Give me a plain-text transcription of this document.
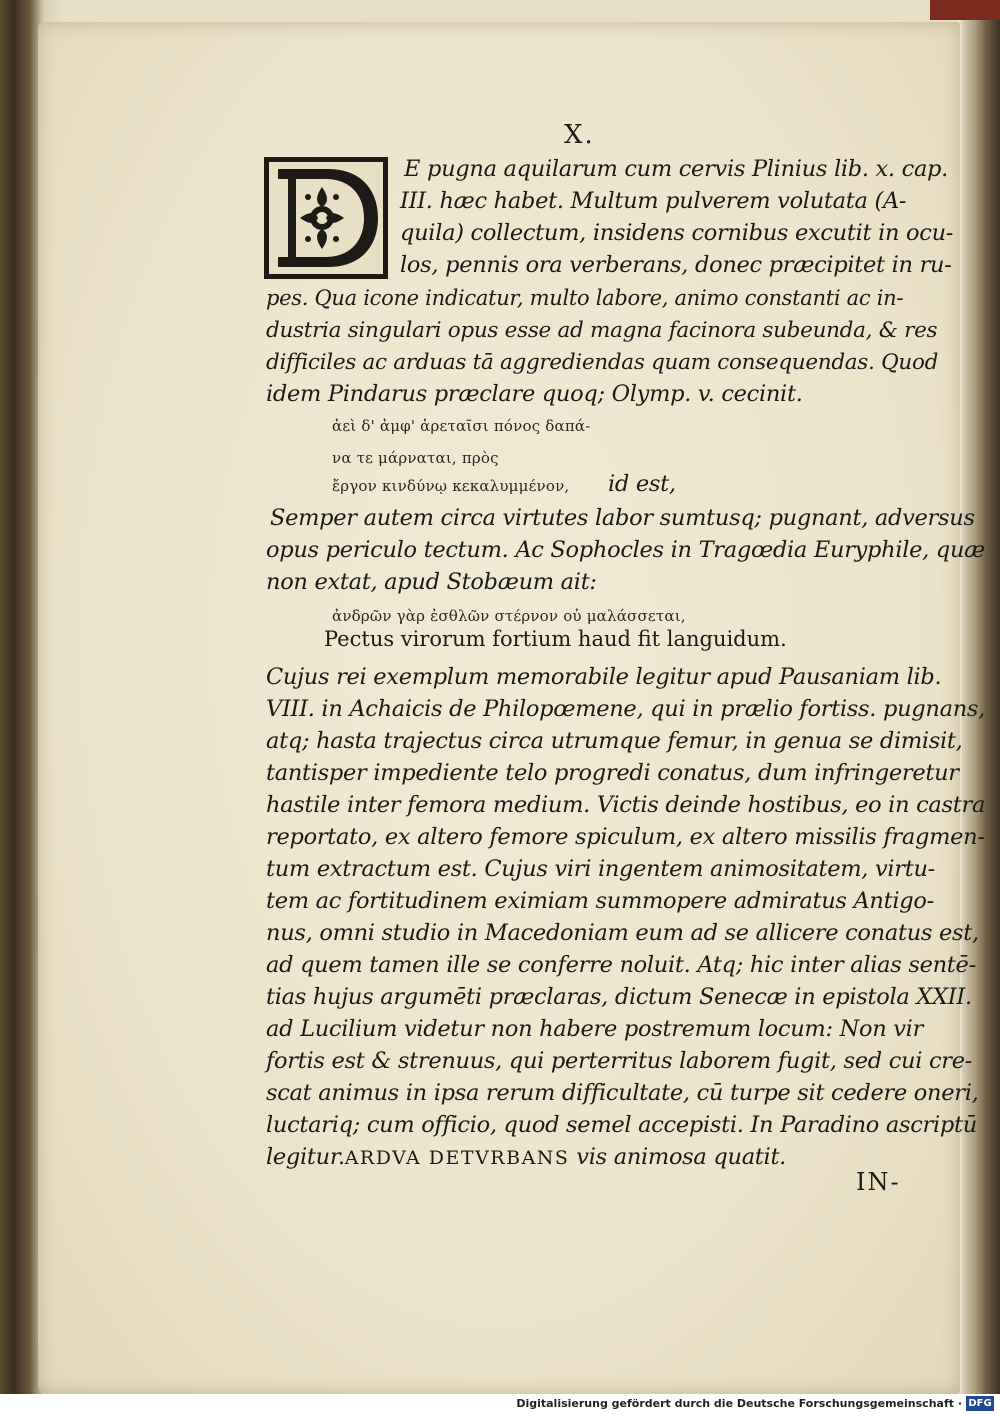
X.
E pugna aquilarum cum cervis Plinius lib. x. cap.
III. hæc habet. Multum pulverem volutata (A-
quila) collectum, insidens cornibus excutit in ocu-
los, pennis ora verberans, donec præcipitet in ru-
pes. Qua icone indicatur, multo labore, animo constanti ac in-
dustria singulari opus esse ad magna facinora subeunda, & res
difficiles ac arduas tā aggrediendas quam consequendas. Quod
idem Pindarus præclare quoq; Olymp. v. cecinit.
ἀεὶ δ' ἀμφ' ἀρεταῖσι πόνος δαπά-
να τε μάρναται, πρὸς
ἔργον κινδύνῳ κεκαλυμμένον, id est,
Semper autem circa virtutes labor sumtusq; pugnant, adversus
opus periculo tectum. Ac Sophocles in Tragœdia Euryphile, quæ
non extat, apud Stobæum ait:
ἀνδρῶν γὰρ ἐσθλῶν στέρνον οὐ μαλάσσεται,
Pectus virorum fortium haud fit languidum.
Cujus rei exemplum memorabile legitur apud Pausaniam lib.
VIII. in Achaicis de Philopœmene, qui in prælio fortiss. pugnans,
atq; hasta trajectus circa utrumque femur, in genua se dimisit,
tantisper impediente telo progredi conatus, dum infringeretur
hastile inter femora medium. Victis deinde hostibus, eo in castra
reportato, ex altero femore spiculum, ex altero missilis fragmen-
tum extractum est. Cujus viri ingentem animositatem, virtu-
tem ac fortitudinem eximiam summopere admiratus Antigo-
nus, omni studio in Macedoniam eum ad se allicere conatus est,
ad quem tamen ille se conferre noluit. Atq; hic inter alias sentē-
tias hujus argumēti præclaras, dictum Senecæ in epistola XXII.
ad Lucilium videtur non habere postremum locum: Non vir
fortis est & strenuus, qui perterritus laborem fugit, sed cui cre-
scat animus in ipsa rerum difficultate, cū turpe sit cedere oneri,
luctariq; cum officio, quod semel accepisti. In Paradino ascriptū
legitur.ARDVA DETVRBANS vis animosa quatit.
IN-
Digitalisierung gefördert durch die Deutsche Forschungsgemeinschaft · DFG
